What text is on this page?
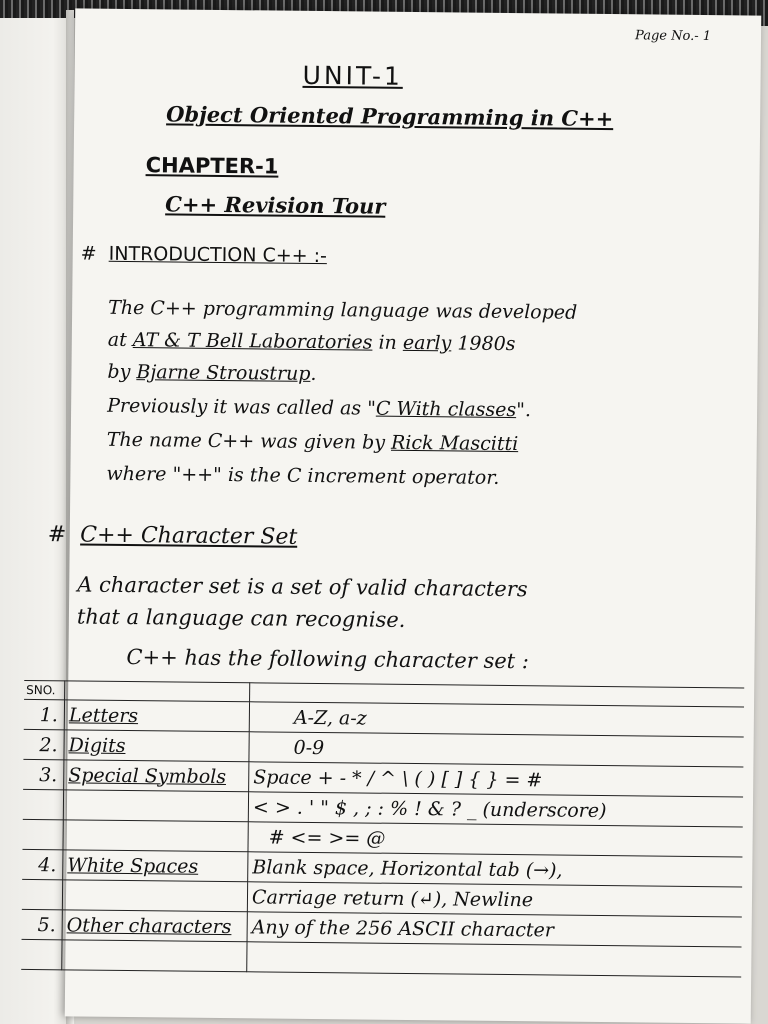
Page No.- 1
UNIT-1
Object Oriented Programming in C++
CHAPTER-1
C++ Revision Tour
# INTRODUCTION C++ :-
The C++ programming language was developed
at AT & T Bell Laboratories in early 1980s
by Bjarne Stroustrup.
Previously it was called as "C With classes".
The name C++ was given by Rick Mascitti
where "++" is the C increment operator.
# C++ Character Set
A character set is a set of valid characters
that a language can recognise.
C++ has the following character set :
SNO.		
1.	Letters	A-Z, a-z
2.	Digits	0-9
3.	Special Symbols	Space + - * / ^ \ ( ) [ ] { } = #
		< > . ' " $ , ; : % ! & ? _ (underscore)
		# <= >= @
4.	White Spaces	Blank space, Horizontal tab (→),
		Carriage return (↵), Newline
5.	Other characters	Any of the 256 ASCII character
